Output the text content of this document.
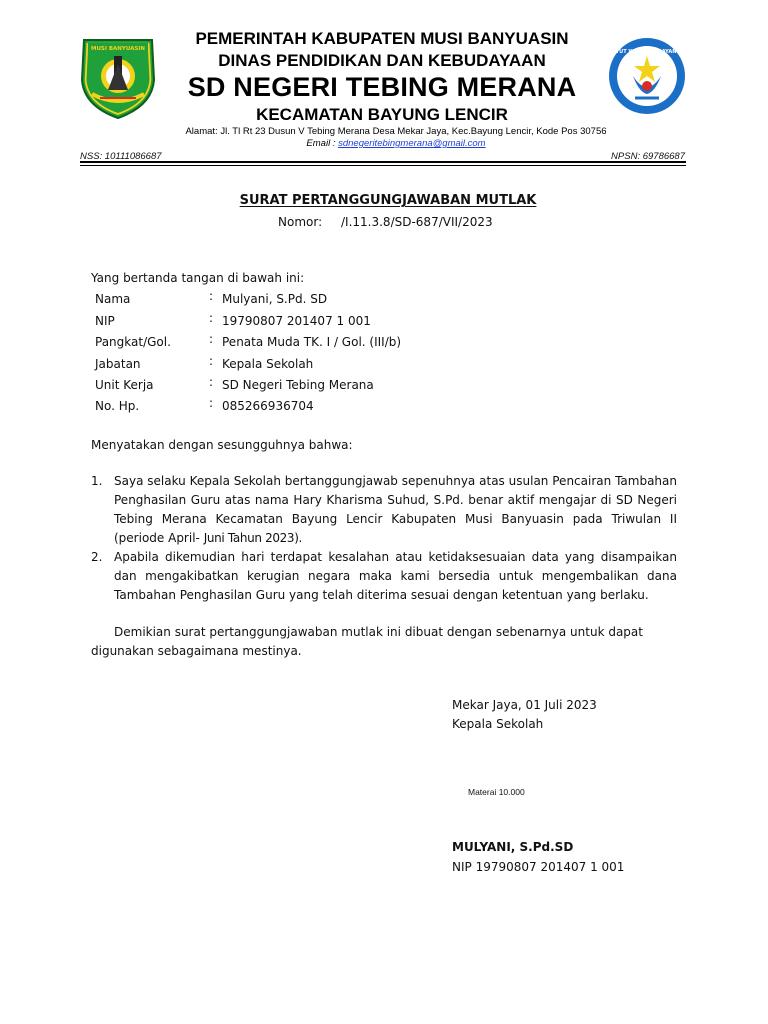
MUSI BANYUASIN	TUT WURI HANDAYANI
PEMERINTAH KABUPATEN MUSI BANYUASIN
DINAS PENDIDIKAN DAN KEBUDAYAAN
SD NEGERI TEBING MERANA
KECAMATAN BAYUNG LENCIR
Alamat: Jl. Tl Rt 23 Dusun V Tebing Merana Desa Mekar Jaya, Kec.Bayung Lencir, Kode Pos 30756
Email : sdnegeritebingmerana@gmail.com
NSS: 10111086687	NPSN: 69786687
SURAT PERTANGGUNGJAWABAN MUTLAK
Nomor: /I.11.3.8/SD-687/VII/2023
Yang bertanda tangan di bawah ini:
Nama	: Mulyani, S.Pd. SD
NIP	: 19790807 201407 1 001
Pangkat/Gol.	: Penata Muda TK. I / Gol. (III/b)
Jabatan	: Kepala Sekolah
Unit Kerja	: SD Negeri Tebing Merana
No. Hp.	: 085266936704
Menyatakan dengan sesungguhnya bahwa:
1. Saya selaku Kepala Sekolah bertanggungjawab sepenuhnya atas usulan Pencairan Tambahan Penghasilan Guru atas nama Hary Kharisma Suhud, S.Pd. benar aktif mengajar di SD Negeri Tebing Merana Kecamatan Bayung Lencir Kabupaten Musi Banyuasin pada Triwulan II (periode April- Juni Tahun 2023).
2. Apabila dikemudian hari terdapat kesalahan atau ketidaksesuaian data yang disampaikan dan mengakibatkan kerugian negara maka kami bersedia untuk mengembalikan dana Tambahan Penghasilan Guru yang telah diterima sesuai dengan ketentuan yang berlaku.
Demikian surat pertanggungjawaban mutlak ini dibuat dengan sebenarnya untuk dapat digunakan sebagaimana mestinya.
Mekar Jaya, 01 Juli 2023
Kepala Sekolah
Materai 10.000
MULYANI, S.Pd.SD
NIP 19790807 201407 1 001
